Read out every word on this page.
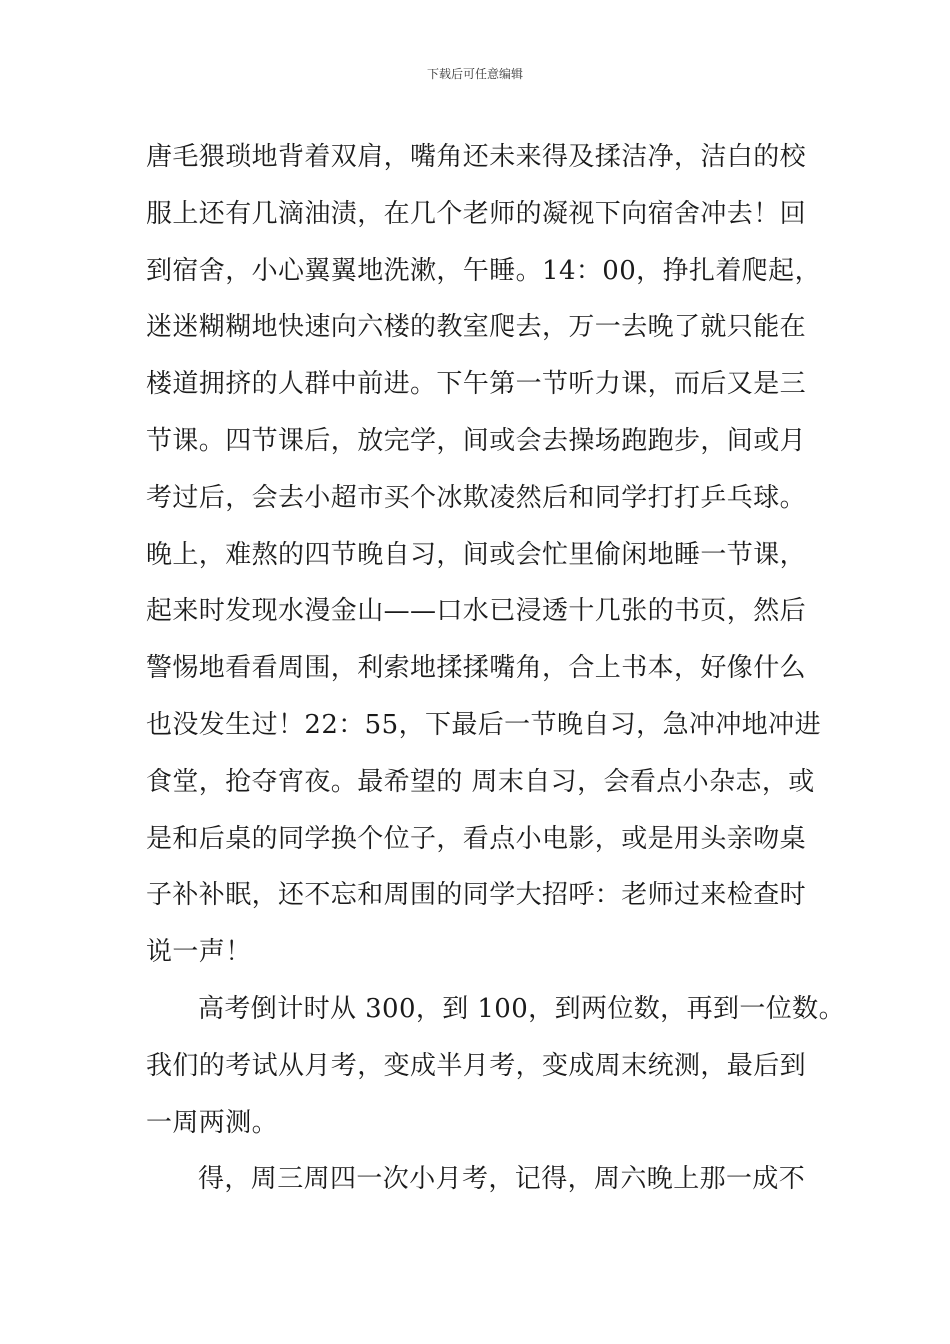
下载后可任意编辑

唐毛猥琐地背着双肩，嘴角还未来得及揉洁净，洁白的校
服上还有几滴油渍，在几个老师的凝视下向宿舍冲去！回
到宿舍，小心翼翼地洗漱，午睡。14：00，挣扎着爬起，
迷迷糊糊地快速向六楼的教室爬去，万一去晚了就只能在
楼道拥挤的人群中前进。下午第一节听力课，而后又是三
节课。四节课后，放完学，间或会去操场跑跑步，间或月
考过后，会去小超市买个冰欺凌然后和同学打打乒乓球。
晚上，难熬的四节晚自习，间或会忙里偷闲地睡一节课，
起来时发现水漫金山——口水已浸透十几张的书页，然后
警惕地看看周围，利索地揉揉嘴角，合上书本，好像什么
也没发生过！22：55，下最后一节晚自习，急冲冲地冲进
食堂，抢夺宵夜。最希望的 周末自习，会看点小杂志，或
是和后桌的同学换个位子，看点小电影，或是用头亲吻桌
子补补眠，还不忘和周围的同学大招呼：老师过来检查时
说一声！

高考倒计时从 300，到 100，到两位数，再到一位数。
我们的考试从月考，变成半月考，变成周末统测，最后到
一周两测。

得，周三周四一次小月考，记得，周六晚上那一成不
